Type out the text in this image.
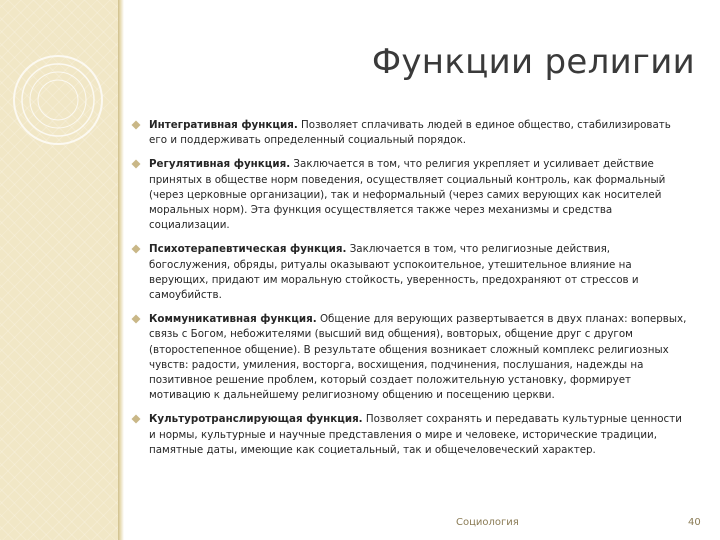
Функции религии
Интегративная функция. Позволяет сплачивать людей в единое общество, стабилизировать его и поддерживать определенный социальный порядок.
Регулятивная функция. Заключается в том, что религия укрепляет и усиливает действие принятых в обществе норм поведения, осуществляет социальный контроль, как формальный (через церковные организации), так и неформальный (через самих верующих как носителей моральных норм). Эта функция осуществляется также через механизмы и средства социализации.
Психотерапевтическая функция. Заключается в том, что религиозные действия, богослужения, обряды, ритуалы оказывают успокоительное, утешительное влияние на верующих, придают им моральную стойкость, уверенность, предохраняют от стрессов и самоубийств.
Коммуникативная функция. Общение для верующих развертывается в двух планах: вопервых, связь с Богом, небожителями (высший вид общения), вовторых, общение друг с другом (второстепенное общение). В результате общения возникает сложный комплекс религиозных чувств: радости, умиления, восторга, восхищения, подчинения, послушания, надежды на позитивное решение проблем, который создает положительную установку, формирует мотивацию к дальнейшему религиозному общению и посещению церкви.
Культуротранслирующая функция. Позволяет сохранять и передавать культурные ценности и нормы, культурные и научные представления о мире и человеке, исторические традиции, памятные даты, имеющие как социетальный, так и общечеловеческий характер.
Социология	40
